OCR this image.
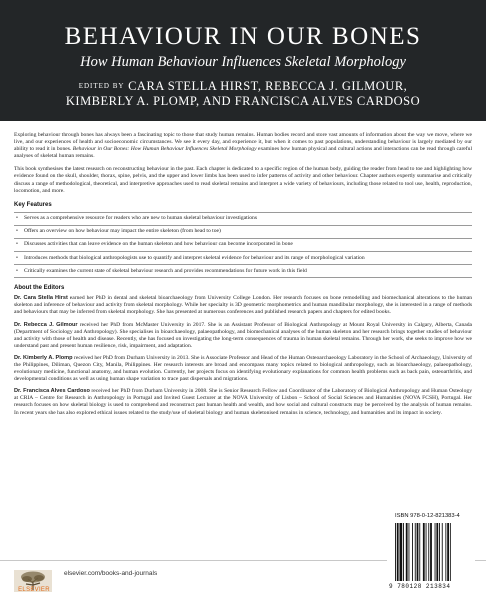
BEHAVIOUR IN OUR BONES
How Human Behaviour Influences Skeletal Morphology
EDITED BY CARA STELLA HIRST, REBECCA J. GILMOUR,
KIMBERLY A. PLOMP, AND FRANCISCA ALVES CARDOSO

Exploring behaviour through bones has always been a fascinating topic to those that study human remains. Human bodies record and store vast amounts of information about the way we move, where we live, and our experiences of health and socioeconomic circumstances. We see it every day, and experience it, but when it comes to past populations, understanding behaviour is largely mediated by our ability to read it in bones. Behaviour in Our Bones: How Human Behaviour Influences Skeletal Morphology examines how human physical and cultural actions and interactions can be read through careful analyses of skeletal human remains.

This book synthesises the latest research on reconstructing behaviour in the past. Each chapter is dedicated to a specific region of the human body, guiding the reader from head to toe and highlighting how evidence found on the skull, shoulder, thorax, spine, pelvis, and the upper and lower limbs has been used to infer patterns of activity and other behaviour. Chapter authors expertly summarise and critically discuss a range of methodological, theoretical, and interpretive approaches used to read skeletal remains and interpret a wide variety of behaviours, including those related to tool use, health, reproduction, locomotion, and more.

Key Features
• Serves as a comprehensive resource for readers who are new to human skeletal behaviour investigations
• Offers an overview on how behaviour may impact the entire skeleton (from head to toe)
• Discusses activities that can leave evidence on the human skeleton and how behaviour can become incorporated in bone
• Introduces methods that biological anthropologists use to quantify and interpret skeletal evidence for behaviour and its range of morphological variation
• Critically examines the current state of skeletal behaviour research and provides recommendations for future work in this field
About the Editors

Dr. Cara Stella Hirst earned her PhD in dental and skeletal bioarchaeology from University College London. Her research focuses on bone remodelling and biomechanical alterations to the human skeleton and inference of behaviour and activity from skeletal morphology. While her specialty is 3D geometric morphometrics and human mandibular morphology, she is interested in a range of methods and behaviours that may be inferred from skeletal morphology. She has presented at numerous conferences and published research papers and chapters for edited books.

Dr. Rebecca J. Gilmour received her PhD from McMaster University in 2017. She is an Assistant Professor of Biological Anthropology at Mount Royal University in Calgary, Alberta, Canada (Department of Sociology and Anthropology). She specialises in bioarchaeology, palaeopathology, and biomechanical analyses of the human skeleton and her research brings together studies of behaviour and activity with those of health and disease. Recently, she has focused on investigating the long-term consequences of trauma in human skeletal remains. Through her work, she seeks to improve how we understand past and present human resilience, risk, impairment, and adaptation.

Dr. Kimberly A. Plomp received her PhD from Durham University in 2013. She is Associate Professor and Head of the Human Osteoarchaeology Laboratory in the School of Archaeology, University of the Philippines, Diliman, Quezon City, Manila, Philippines. Her research interests are broad and encompass many topics related to biological anthropology, such as bioarchaeology, palaeopathology, evolutionary medicine, functional anatomy, and human evolution. Currently, her projects focus on identifying evolutionary explanations for common health problems such as back pain, osteoarthritis, and developmental conditions as well as using human shape variation to trace past dispersals and migrations.

Dr. Francisca Alves Cardoso received her PhD from Durham University in 2008. She is Senior Research Fellow and Coordinator of the Laboratory of Biological Anthropology and Human Osteology at CRIA – Centre for Research in Anthropology in Portugal and Invited Guest Lecturer at the NOVA University of Lisbon – School of Social Sciences and Humanities (NOVA FCSH), Portugal. Her research focuses on how skeletal biology is used to comprehend and reconstruct past human health and wealth, and how social and cultural constructs may be perceived by the analysis of human remains. In recent years she has also explored ethical issues related to the study/use of skeletal biology and human skeletonised remains in science, technology, and humanities and its impact in society.

ELSEVIER
elsevier.com/books-and-journals
ISBN 978-0-12-821383-4
9 780128 213834
